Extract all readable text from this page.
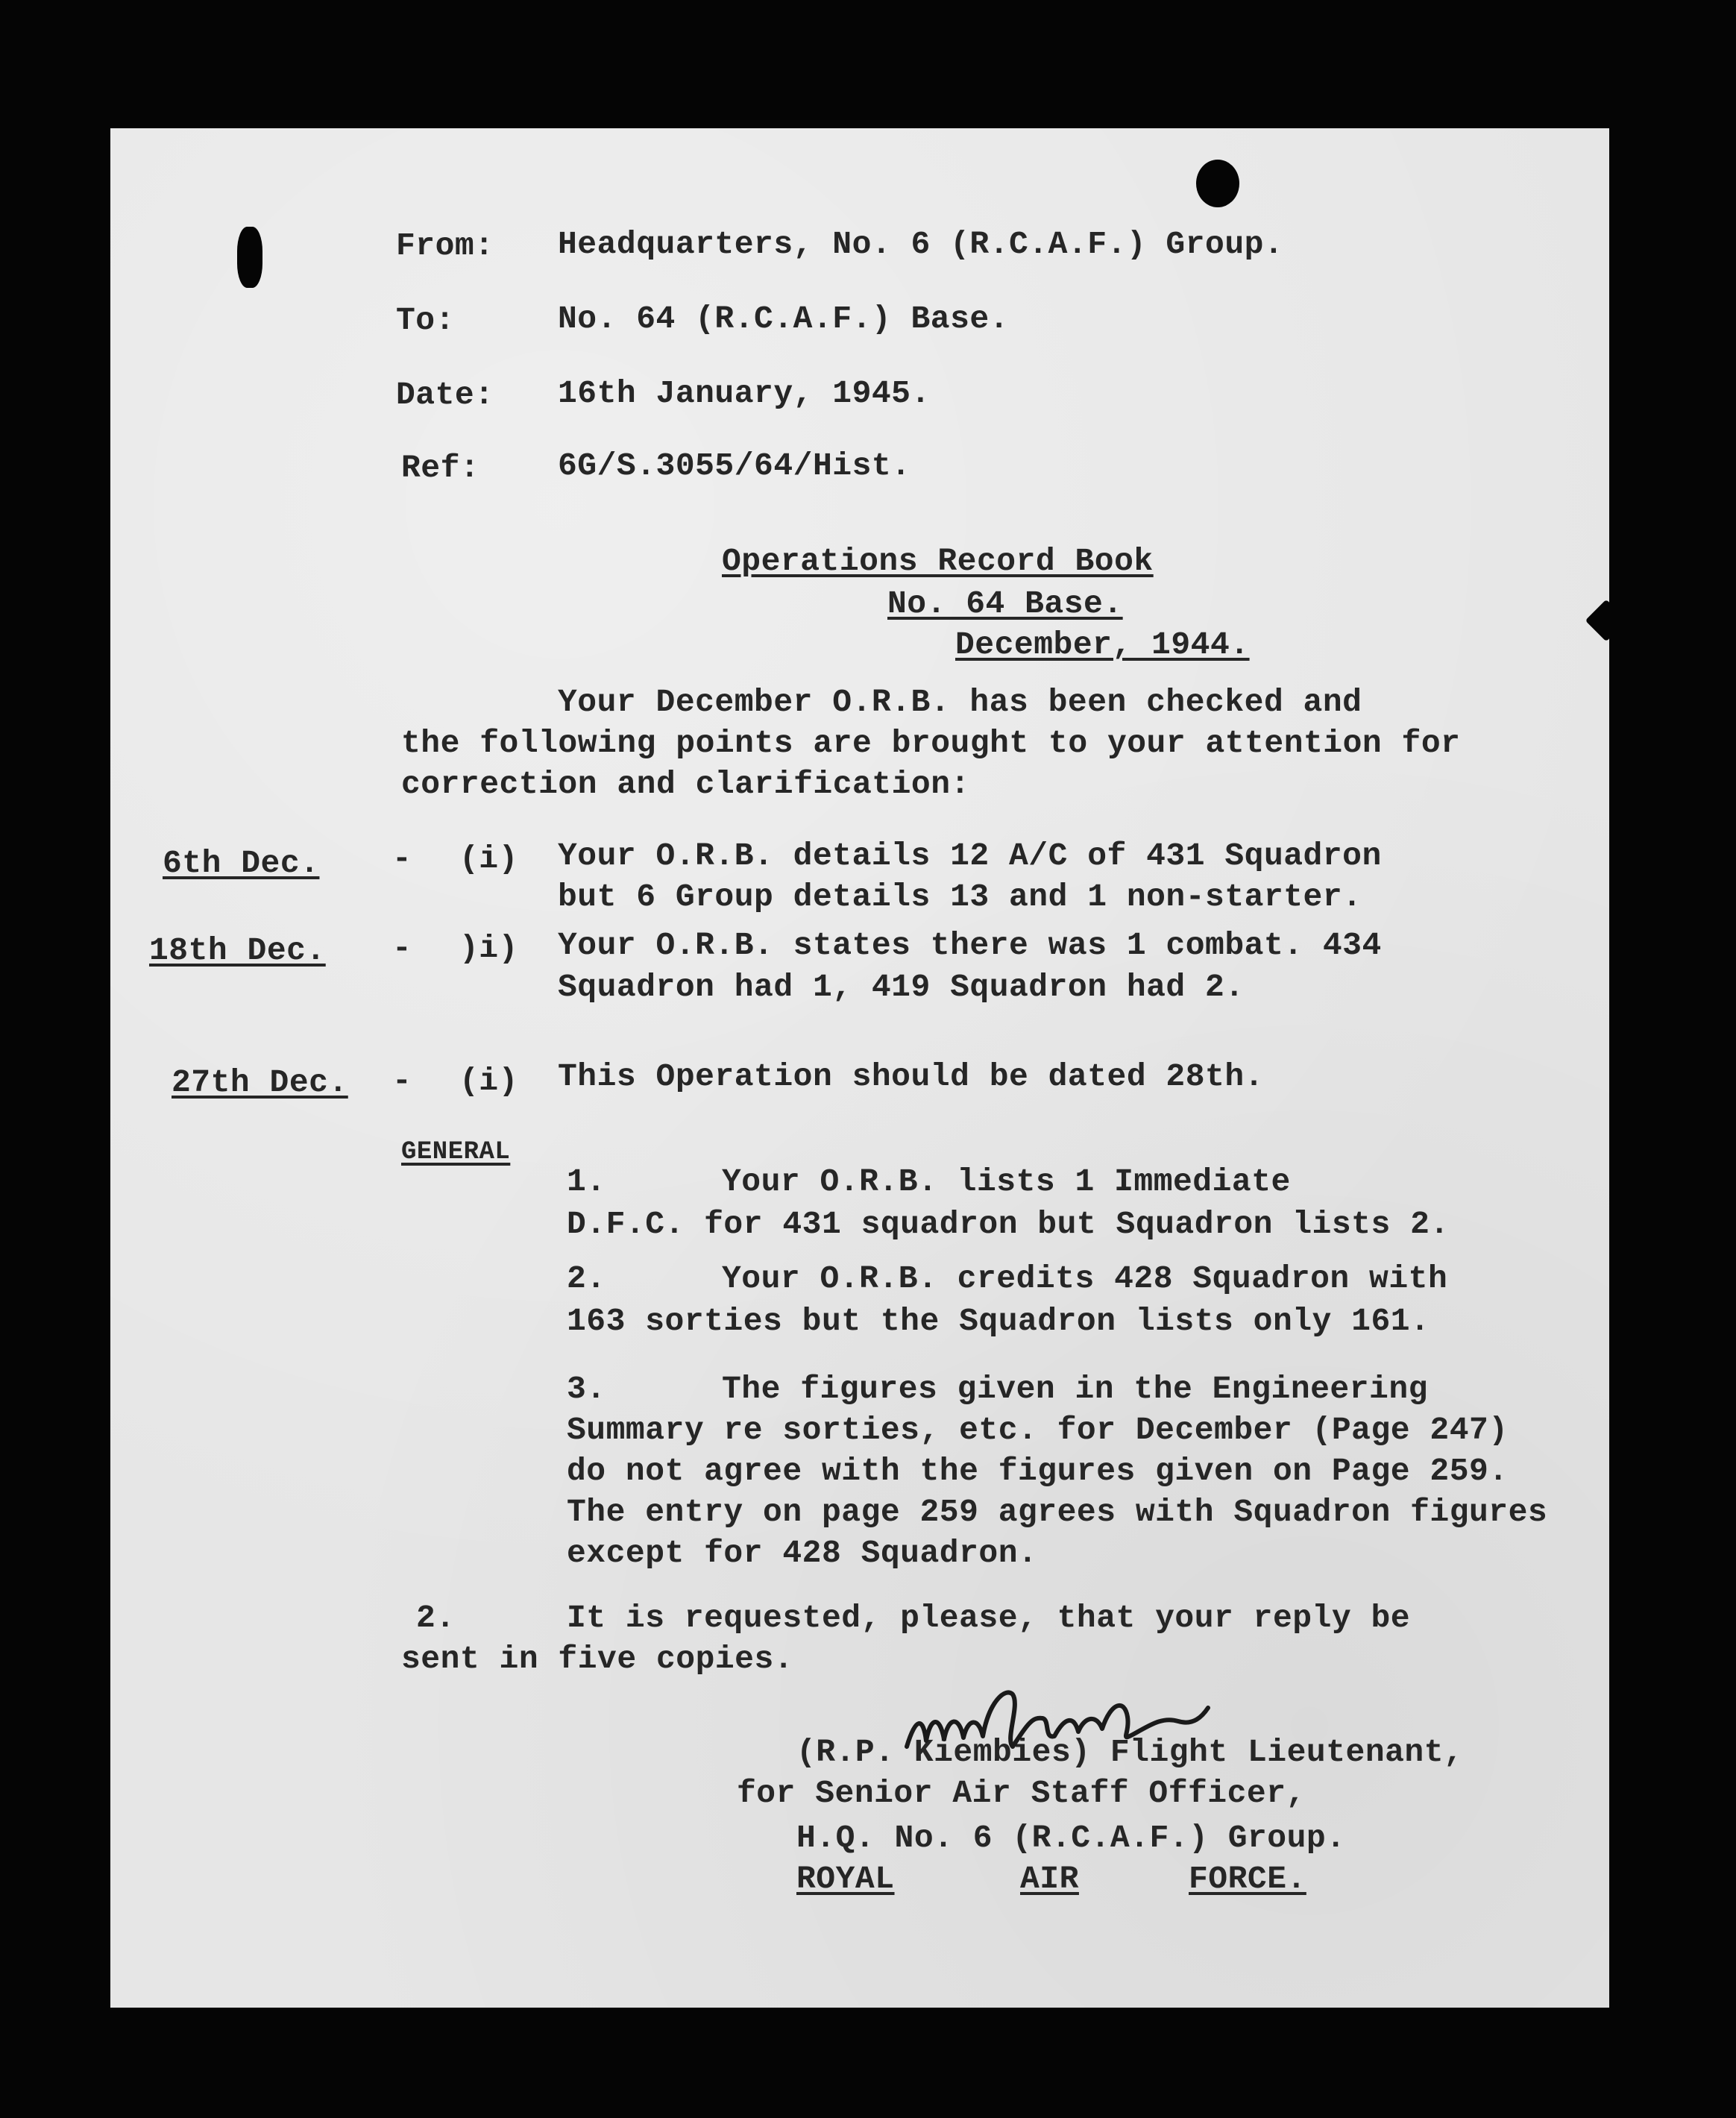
From: Headquarters, No. 6 (R.C.A.F.) Group.
To:	No. 64 (R.C.A.F.) Base.
Date: 16th January, 1945.
Ref: 6G/S.3055/64/Hist.
Operations Record Book
No. 64 Base.
December, 1944.
Your December O.R.B. has been checked and
the following points are brought to your attention for
correction and clarification:
6th Dec. - (i) Your O.R.B. details 12 A/C of 431 Squadron
but 6 Group details 13 and 1 non-starter.
18th Dec. - )i) Your O.R.B. states there was 1 combat. 434
Squadron had 1, 419 Squadron had 2.
27th Dec. - (i) This Operation should be dated 28th.
GENERAL
1.	Your O.R.B. lists 1 Immediate
D.F.C. for 431 squadron but Squadron lists 2.
2.	Your O.R.B. credits 428 Squadron with
163 sorties but the Squadron lists only 161.
3.	The figures given in the Engineering
Summary re sorties, etc. for December (Page 247)
do not agree with the figures given on Page 259.
The entry on page 259 agrees with Squadron figures
except for 428 Squadron.
2.	It is requested, please, that your reply be
sent in five copies.
(R.P. Kiembies) Flight Lieutenant,
for Senior Air Staff Officer,
H.Q. No. 6 (R.C.A.F.) Group.
ROYAL	AIR	FORCE.
